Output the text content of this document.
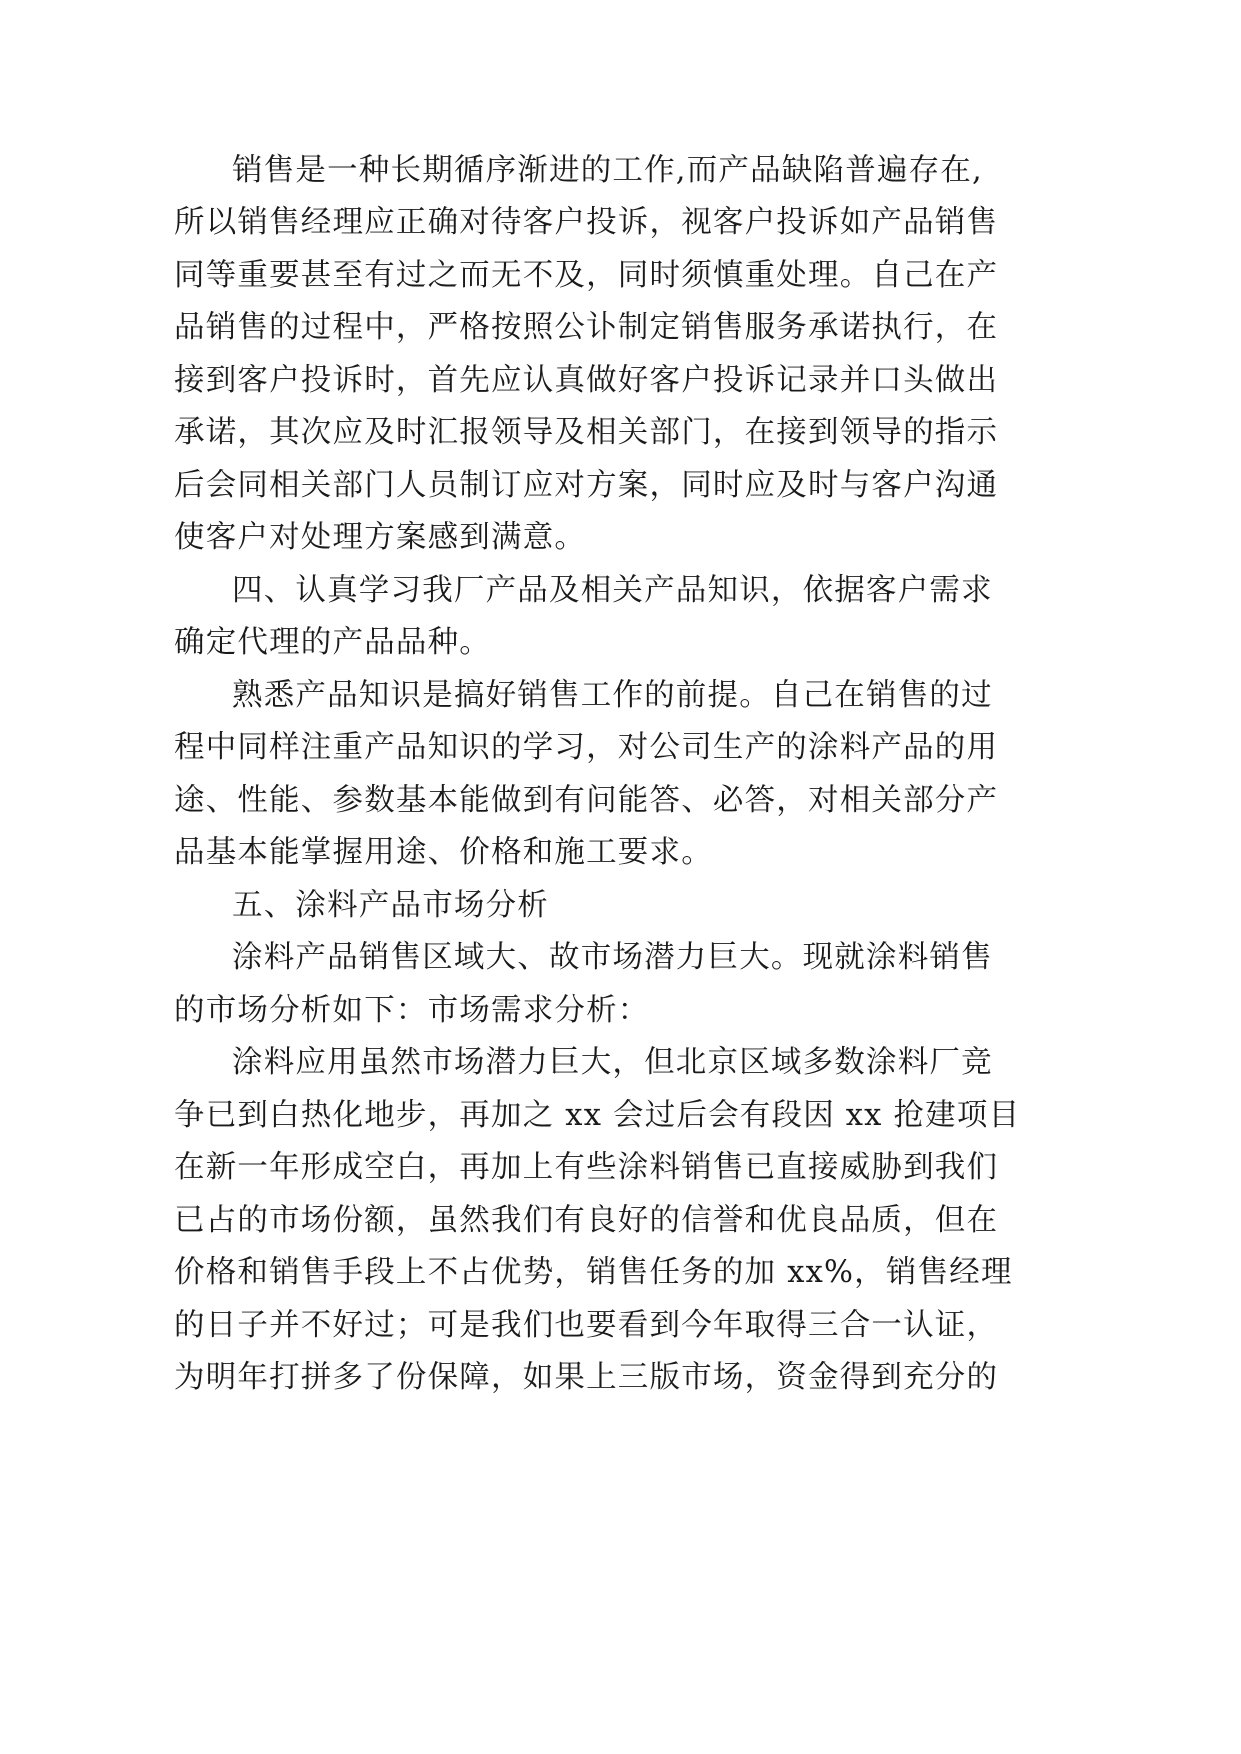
销售是一种长期循序渐进的工作,而产品缺陷普遍存在,
所以销售经理应正确对待客户投诉，视客户投诉如产品销售
同等重要甚至有过之而无不及，同时须慎重处理。自己在产
品销售的过程中，严格按照公讣制定销售服务承诺执行，在
接到客户投诉时，首先应认真做好客户投诉记录并口头做出
承诺，其次应及时汇报领导及相关部门，在接到领导的指示
后会同相关部门人员制订应对方案，同时应及时与客户沟通
使客户对处理方案感到满意。
四、认真学习我厂产品及相关产品知识，依据客户需求
确定代理的产品品种。
熟悉产品知识是搞好销售工作的前提。自己在销售的过
程中同样注重产品知识的学习，对公司生产的涂料产品的用
途、性能、参数基本能做到有问能答、必答，对相关部分产
品基本能掌握用途、价格和施工要求。
五、涂料产品市场分析
涂料产品销售区域大、故市场潜力巨大。现就涂料销售
的市场分析如下：市场需求分析：
涂料应用虽然市场潜力巨大，但北京区域多数涂料厂竞
争已到白热化地步，再加之 xx 会过后会有段因 xx 抢建项目
在新一年形成空白，再加上有些涂料销售已直接威胁到我们
已占的市场份额，虽然我们有良好的信誉和优良品质，但在
价格和销售手段上不占优势，销售任务的加 xx%，销售经理
的日子并不好过；可是我们也要看到今年取得三合一认证，
为明年打拼多了份保障，如果上三版市场，资金得到充分的
